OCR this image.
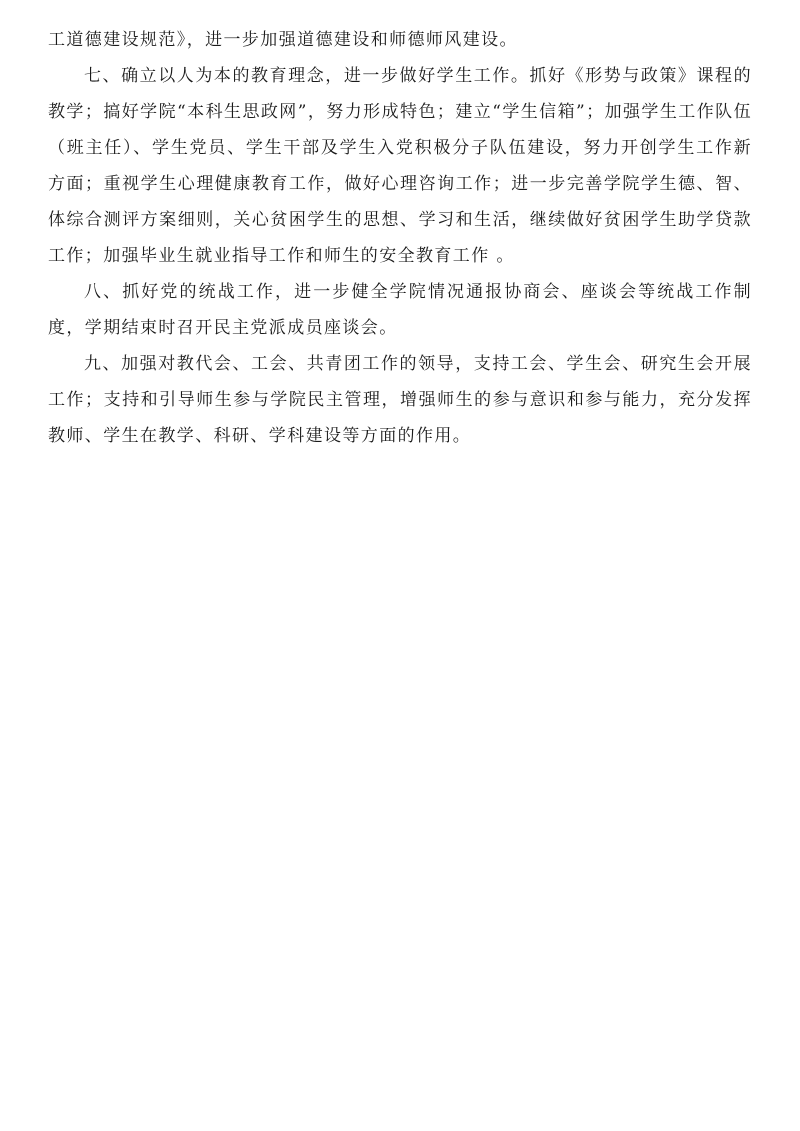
工道德建设规范》，进一步加强道德建设和师德师风建设。

七、确立以人为本的教育理念，进一步做好学生工作。抓好《形势与政策》课程的教学；搞好学院“本科生思政网”，努力形成特色；建立“学生信箱”；加强学生工作队伍（班主任）、学生党员、学生干部及学生入党积极分子队伍建设，努力开创学生工作新方面；重视学生心理健康教育工作，做好心理咨询工作；进一步完善学院学生德、智、体综合测评方案细则，关心贫困学生的思想、学习和生活，继续做好贫困学生助学贷款工作；加强毕业生就业指导工作和师生的安全教育工作 。

八、抓好党的统战工作，进一步健全学院情况通报协商会、座谈会等统战工作制度，学期结束时召开民主党派成员座谈会。

九、加强对教代会、工会、共青团工作的领导，支持工会、学生会、研究生会开展工作；支持和引导师生参与学院民主管理，增强师生的参与意识和参与能力，充分发挥教师、学生在教学、科研、学科建设等方面的作用。
